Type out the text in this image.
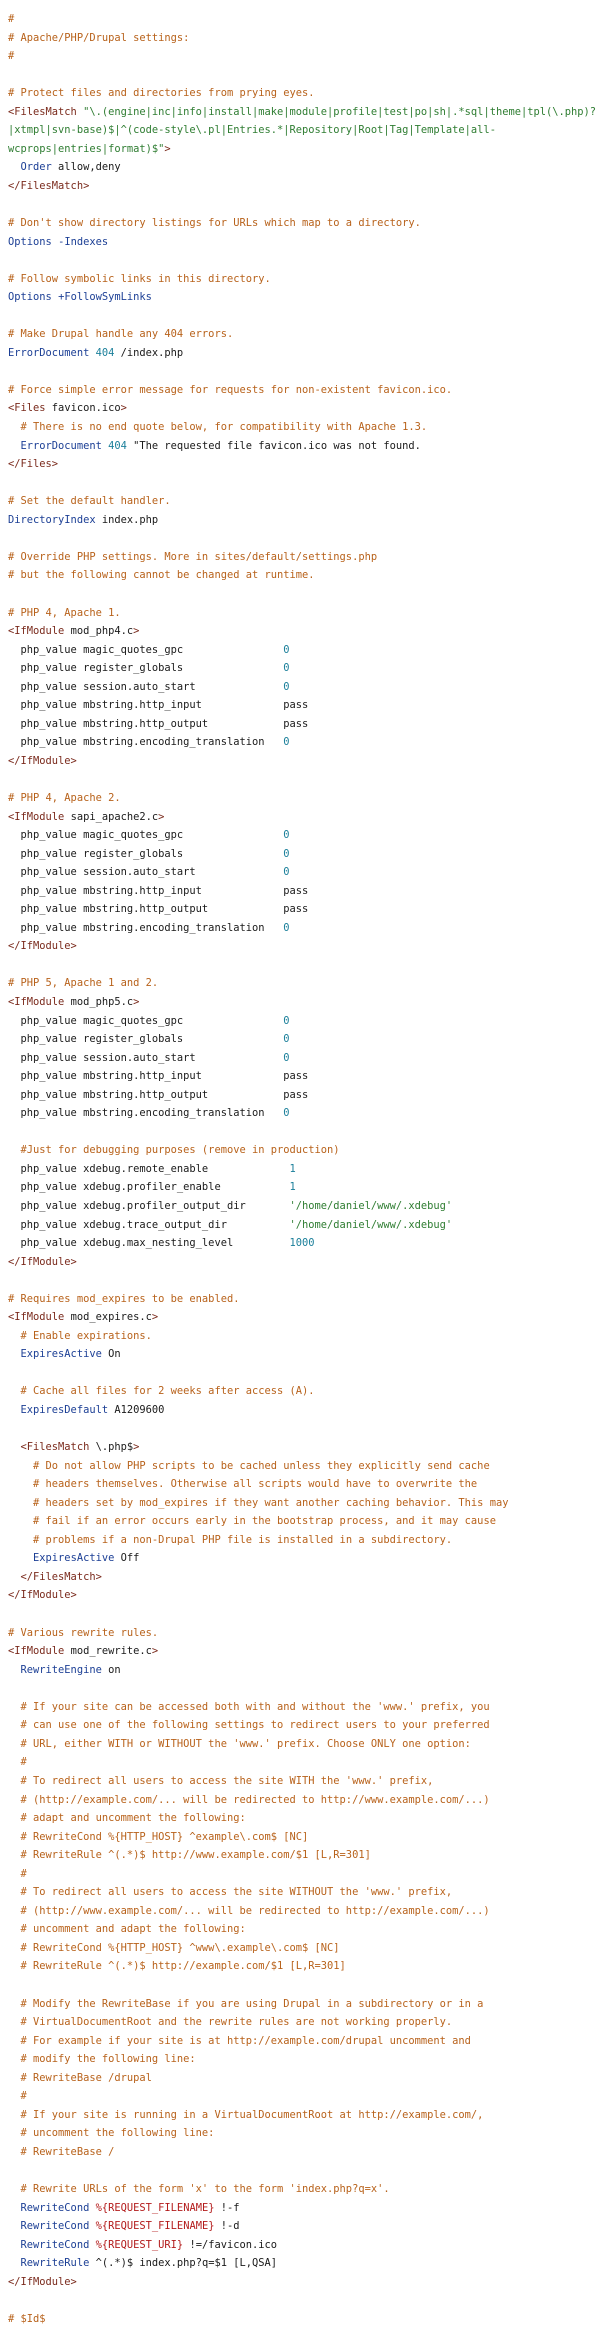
#
# Apache/PHP/Drupal settings:
#

# Protect files and directories from prying eyes.
<FilesMatch "\.(engine|inc|info|install|make|module|profile|test|po|sh|.*sql|theme|tpl(\.php)?
|xtmpl|svn-base)$|^(code-style\.pl|Entries.*|Repository|Root|Tag|Template|all-
wcprops|entries|format)$">
Order allow,deny
</FilesMatch>

# Don't show directory listings for URLs which map to a directory.
Options -Indexes

# Follow symbolic links in this directory.
Options +FollowSymLinks

# Make Drupal handle any 404 errors.
ErrorDocument 404 /index.php

# Force simple error message for requests for non-existent favicon.ico.
<Files favicon.ico>
# There is no end quote below, for compatibility with Apache 1.3.
ErrorDocument 404 "The requested file favicon.ico was not found.
</Files>

# Set the default handler.
DirectoryIndex index.php

# Override PHP settings. More in sites/default/settings.php
# but the following cannot be changed at runtime.

# PHP 4, Apache 1.
<IfModule mod_php4.c>
php_value magic_quotes_gpc                0
php_value register_globals                0
php_value session.auto_start              0
php_value mbstring.http_input             pass
php_value mbstring.http_output            pass
php_value mbstring.encoding_translation   0
</IfModule>

# PHP 4, Apache 2.
<IfModule sapi_apache2.c>
php_value magic_quotes_gpc                0
php_value register_globals                0
php_value session.auto_start              0
php_value mbstring.http_input             pass
php_value mbstring.http_output            pass
php_value mbstring.encoding_translation   0
</IfModule>

# PHP 5, Apache 1 and 2.
<IfModule mod_php5.c>
php_value magic_quotes_gpc                0
php_value register_globals                0
php_value session.auto_start              0
php_value mbstring.http_input             pass
php_value mbstring.http_output            pass
php_value mbstring.encoding_translation   0

#Just for debugging purposes (remove in production)
php_value xdebug.remote_enable             1
php_value xdebug.profiler_enable           1
php_value xdebug.profiler_output_dir       '/home/daniel/www/.xdebug'
php_value xdebug.trace_output_dir          '/home/daniel/www/.xdebug'
php_value xdebug.max_nesting_level         1000
</IfModule>

# Requires mod_expires to be enabled.
<IfModule mod_expires.c>
# Enable expirations.
ExpiresActive On

# Cache all files for 2 weeks after access (A).
ExpiresDefault A1209600

<FilesMatch \.php$>
# Do not allow PHP scripts to be cached unless they explicitly send cache
# headers themselves. Otherwise all scripts would have to overwrite the
# headers set by mod_expires if they want another caching behavior. This may
# fail if an error occurs early in the bootstrap process, and it may cause
# problems if a non-Drupal PHP file is installed in a subdirectory.
ExpiresActive Off
</FilesMatch>
</IfModule>

# Various rewrite rules.
<IfModule mod_rewrite.c>
RewriteEngine on

# If your site can be accessed both with and without the 'www.' prefix, you
# can use one of the following settings to redirect users to your preferred
# URL, either WITH or WITHOUT the 'www.' prefix. Choose ONLY one option:
#
# To redirect all users to access the site WITH the 'www.' prefix,
# (http://example.com/... will be redirected to http://www.example.com/...)
# adapt and uncomment the following:
# RewriteCond %{HTTP_HOST} ^example\.com$ [NC]
# RewriteRule ^(.*)$ http://www.example.com/$1 [L,R=301]
#
# To redirect all users to access the site WITHOUT the 'www.' prefix,
# (http://www.example.com/... will be redirected to http://example.com/...)
# uncomment and adapt the following:
# RewriteCond %{HTTP_HOST} ^www\.example\.com$ [NC]
# RewriteRule ^(.*)$ http://example.com/$1 [L,R=301]

# Modify the RewriteBase if you are using Drupal in a subdirectory or in a
# VirtualDocumentRoot and the rewrite rules are not working properly.
# For example if your site is at http://example.com/drupal uncomment and
# modify the following line:
# RewriteBase /drupal
#
# If your site is running in a VirtualDocumentRoot at http://example.com/,
# uncomment the following line:
# RewriteBase /

# Rewrite URLs of the form 'x' to the form 'index.php?q=x'.
RewriteCond %{REQUEST_FILENAME} !-f
RewriteCond %{REQUEST_FILENAME} !-d
RewriteCond %{REQUEST_URI} !=/favicon.ico
RewriteRule ^(.*)$ index.php?q=$1 [L,QSA]
</IfModule>

# $Id$
